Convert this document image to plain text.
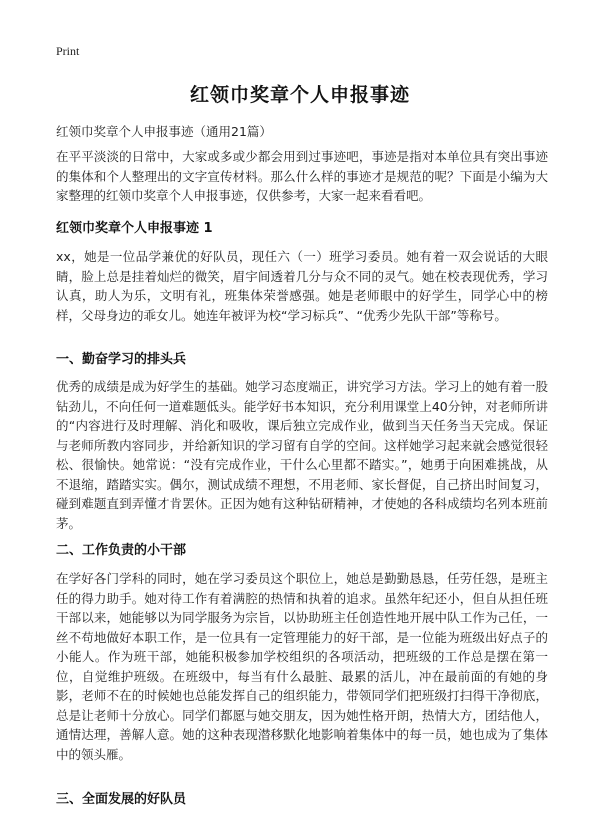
Print
红领巾奖章个人申报事迹
红领巾奖章个人申报事迹（通用21篇）
在平平淡淡的日常中，大家或多或少都会用到过事迹吧，事迹是指对本单位具有突出事迹的集体和个人整理出的文字宣传材料。那么什么样的事迹才是规范的呢？下面是小编为大家整理的红领巾奖章个人申报事迹，仅供参考，大家一起来看看吧。
红领巾奖章个人申报事迹 1
xx，她是一位品学兼优的好队员，现任六（一）班学习委员。她有着一双会说话的大眼睛，脸上总是挂着灿烂的微笑，眉宇间透着几分与众不同的灵气。她在校表现优秀，学习认真，助人为乐，文明有礼，班集体荣誉感强。她是老师眼中的好学生，同学心中的榜样，父母身边的乖女儿。她连年被评为校“学习标兵”、“优秀少先队干部”等称号。
一、勤奋学习的排头兵
优秀的成绩是成为好学生的基础。她学习态度端正，讲究学习方法。学习上的她有着一股钻劲儿，不向任何一道难题低头。能学好书本知识，充分利用课堂上40分钟，对老师所讲的“内容进行及时理解、消化和吸收，课后独立完成作业，做到当天任务当天完成。保证与老师所教内容同步，并给新知识的学习留有自学的空间。这样她学习起来就会感觉很轻松、很愉快。她常说：“没有完成作业，干什么心里都不踏实。”，她勇于向困难挑战，从不退缩，踏踏实实。偶尔，测试成绩不理想，不用老师、家长督促，自己挤出时间复习，碰到难题直到弄懂才肯罢休。正因为她有这种钻研精神，才使她的各科成绩均名列本班前茅。
二、工作负责的小干部
在学好各门学科的同时，她在学习委员这个职位上，她总是勤勤恳恳，任劳任怨，是班主任的得力助手。她对待工作有着满腔的热情和执着的追求。虽然年纪还小，但自从担任班干部以来，她能够以为同学服务为宗旨，以协助班主任创造性地开展中队工作为己任，一丝不苟地做好本职工作，是一位具有一定管理能力的好干部，是一位能为班级出好点子的小能人。作为班干部，她能积极参加学校组织的各项活动，把班级的工作总是摆在第一位，自觉维护班级。在班级中，每当有什么最脏、最累的活儿，冲在最前面的有她的身影，老师不在的时候她也总能发挥自己的组织能力，带领同学们把班级打扫得干净彻底，总是让老师十分放心。同学们都愿与她交朋友，因为她性格开朗，热情大方，团结他人，通情达理，善解人意。她的这种表现潜移默化地影响着集体中的每一员，她也成为了集体中的领头雁。
三、全面发展的好队员
